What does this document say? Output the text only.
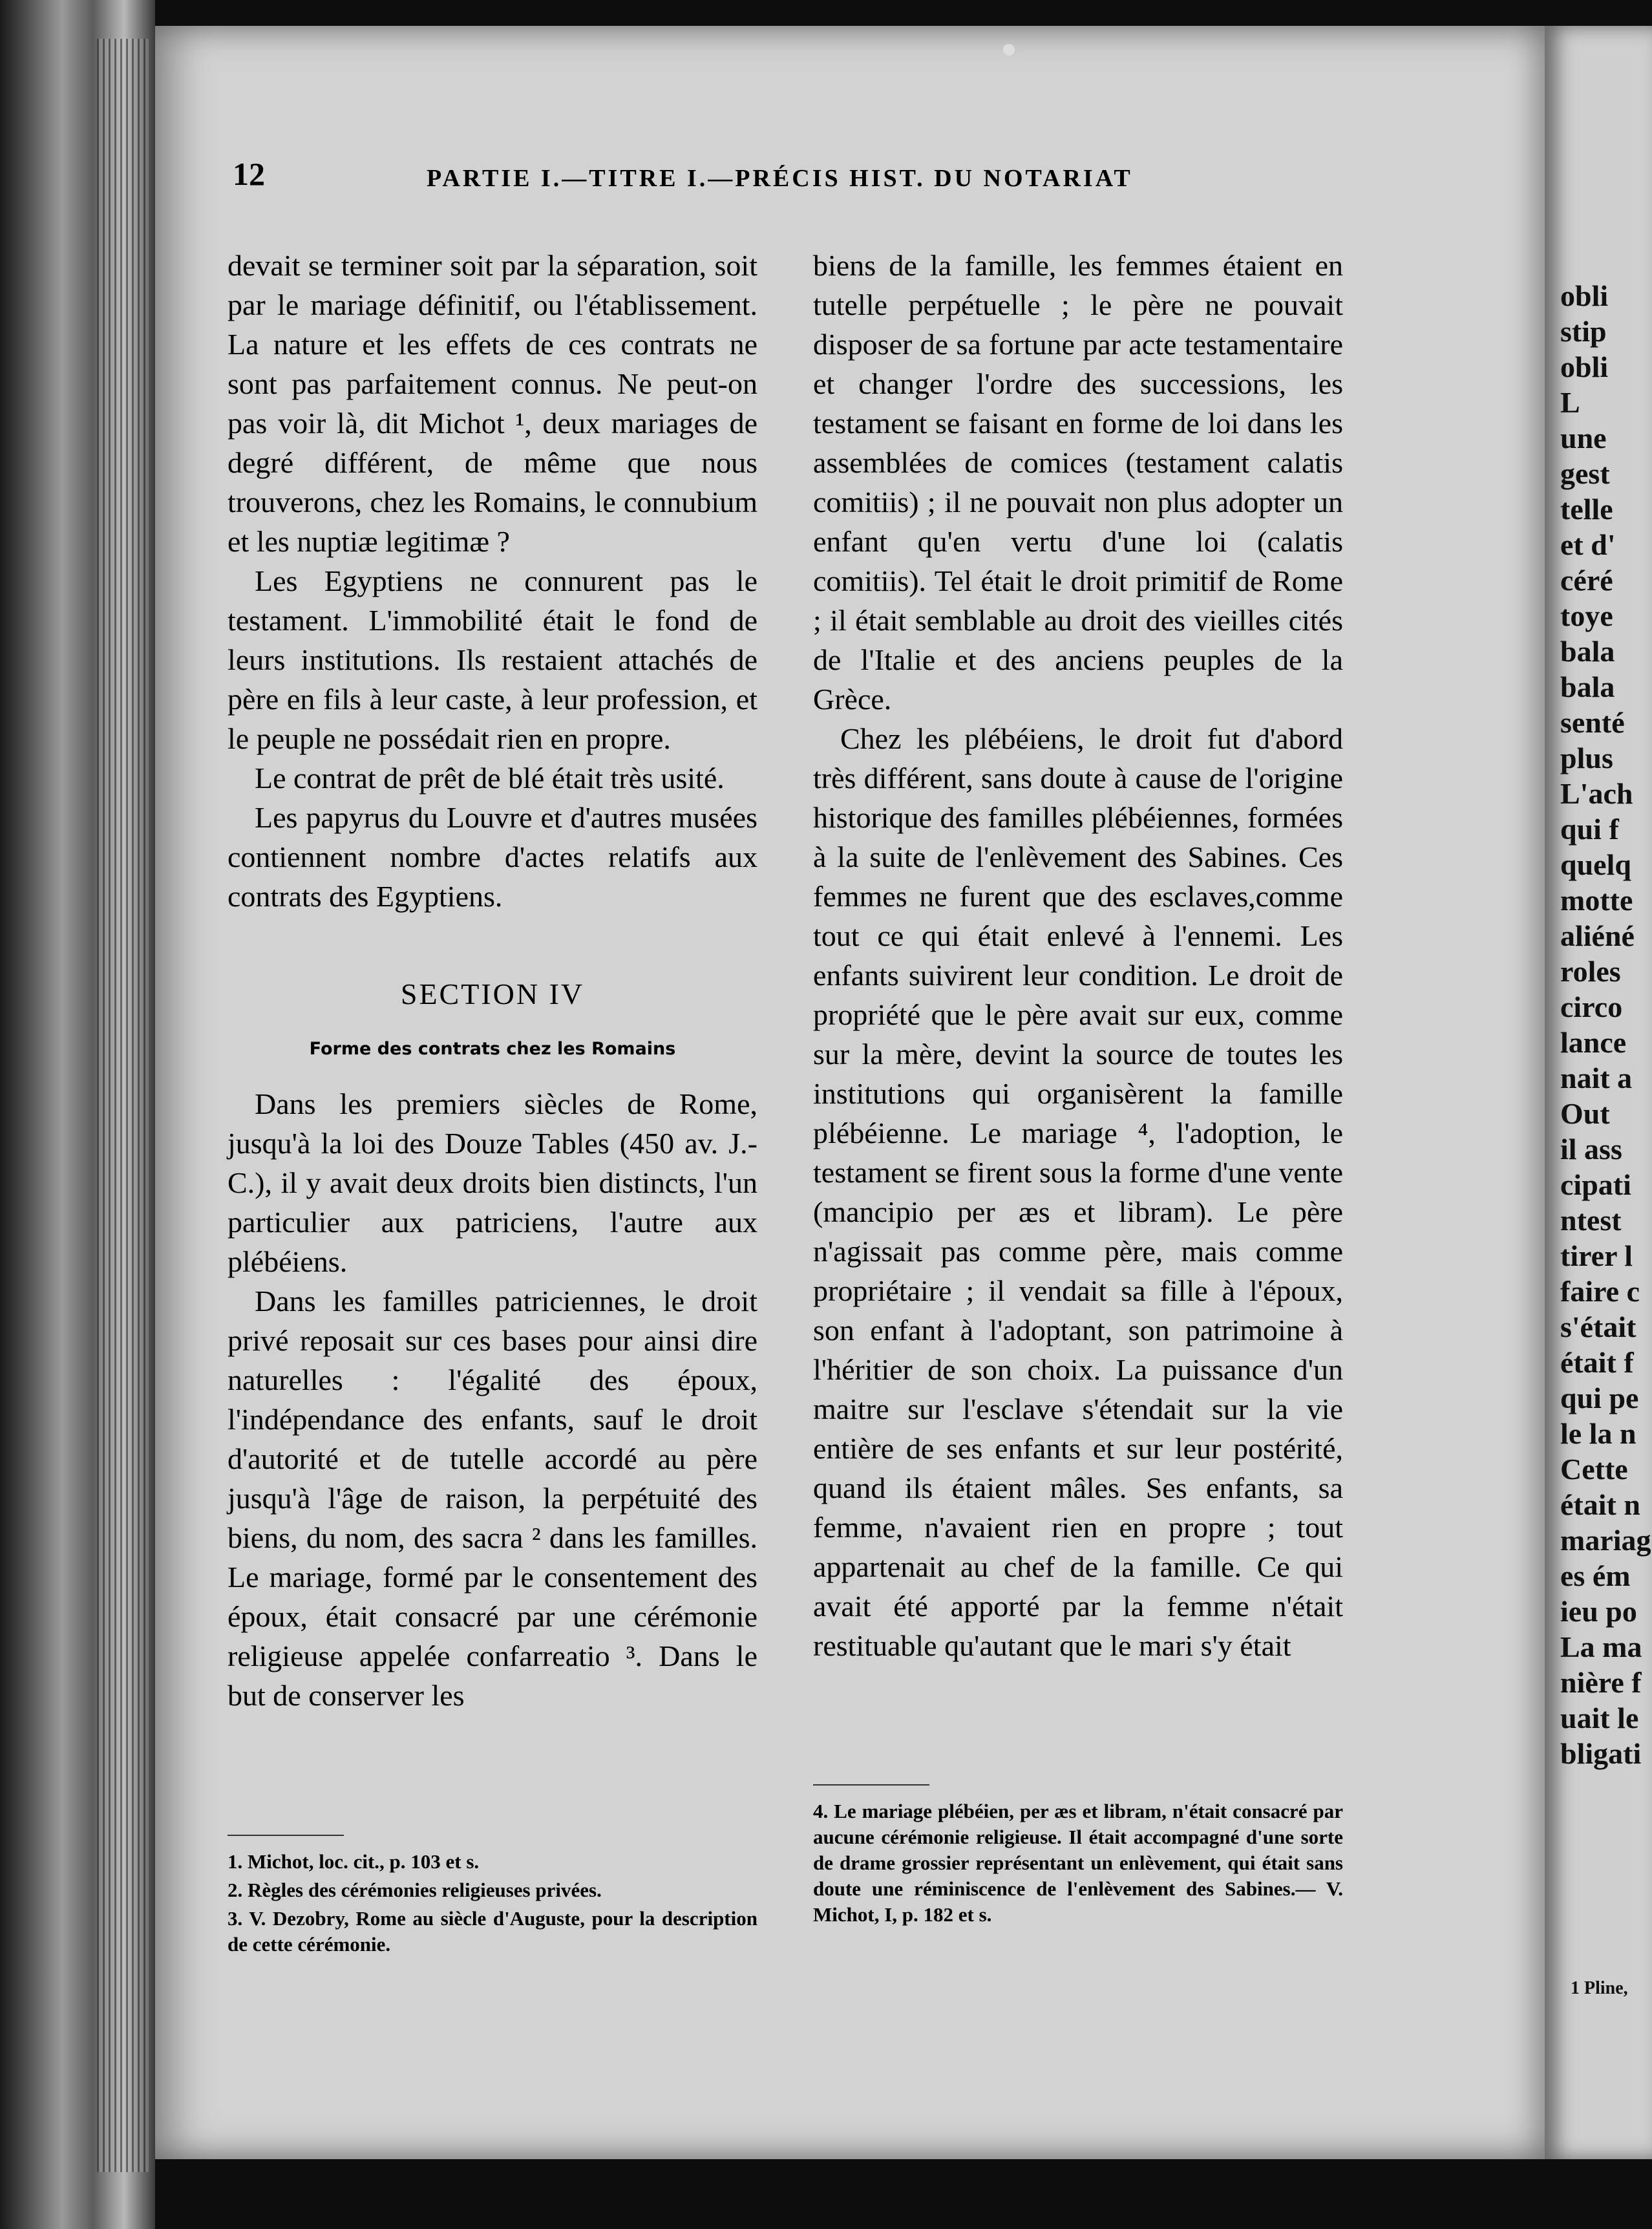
12	PARTIE I.—TITRE I.—PRÉCIS HIST. DU NOTARIAT

devait se terminer soit par la séparation, soit par le mariage définitif, ou l'établissement. La nature et les effets de ces contrats ne sont pas parfaitement connus. Ne peut-on pas voir là, dit Michot ¹, deux mariages de degré différent, de même que nous trouverons, chez les Romains, le connubium et les nuptiæ legitimæ ?

Les Egyptiens ne connurent pas le testament. L'immobilité était le fond de leurs institutions. Ils restaient attachés de père en fils à leur caste, à leur profession, et le peuple ne possédait rien en propre.

Le contrat de prêt de blé était très usité.

Les papyrus du Louvre et d'autres musées contiennent nombre d'actes relatifs aux contrats des Egyptiens.

SECTION IV
Forme des contrats chez les Romains

Dans les premiers siècles de Rome, jusqu'à la loi des Douze Tables (450 av. J.-C.), il y avait deux droits bien distincts, l'un particulier aux patriciens, l'autre aux plébéiens.

Dans les familles patriciennes, le droit privé reposait sur ces bases pour ainsi dire naturelles : l'égalité des époux, l'indépendance des enfants, sauf le droit d'autorité et de tutelle accordé au père jusqu'à l'âge de raison, la perpétuité des biens, du nom, des sacra ² dans les familles. Le mariage, formé par le consentement des époux, était consacré par une cérémonie religieuse appelée confarreatio ³. Dans le but de conserver les

1. Michot, loc. cit., p. 103 et s.

2. Règles des cérémonies religieuses privées.

3. V. Dezobry, Rome au siècle d'Auguste, pour la description de cette cérémonie.

biens de la famille, les femmes étaient en tutelle perpétuelle ; le père ne pouvait disposer de sa fortune par acte testamentaire et changer l'ordre des successions, les testament se faisant en forme de loi dans les assemblées de comices (testament calatis comitiis) ; il ne pouvait non plus adopter un enfant qu'en vertu d'une loi (calatis comitiis). Tel était le droit primitif de Rome ; il était semblable au droit des vieilles cités de l'Italie et des anciens peuples de la Grèce.

Chez les plébéiens, le droit fut d'abord très différent, sans doute à cause de l'origine historique des familles plébéiennes, formées à la suite de l'enlèvement des Sabines. Ces femmes ne furent que des esclaves,comme tout ce qui était enlevé à l'ennemi. Les enfants suivirent leur condition. Le droit de propriété que le père avait sur eux, comme sur la mère, devint la source de toutes les institutions qui organisèrent la famille plébéienne. Le mariage ⁴, l'adoption, le testament se firent sous la forme d'une vente (mancipio per æs et libram). Le père n'agissait pas comme père, mais comme propriétaire ; il vendait sa fille à l'époux, son enfant à l'adoptant, son patrimoine à l'héritier de son choix. La puissance d'un maitre sur l'esclave s'étendait sur la vie entière de ses enfants et sur leur postérité, quand ils étaient mâles. Ses enfants, sa femme, n'avaient rien en propre ; tout appartenait au chef de la famille. Ce qui avait été apporté par la femme n'était restituable qu'autant que le mari s'y était

4. Le mariage plébéien, per æs et libram, n'était consacré par aucune cérémonie religieuse. Il était accompagné d'une sorte de drame grossier représentant un enlèvement, qui était sans doute une réminiscence de l'enlèvement des Sabines.— V. Michot, I, p. 182 et s.

obli
stip
obli
L
une
gest
telle
et d'
céré
toye
bala
bala
senté
plus
L'ach
qui f
quelq
motte
aliéné
roles
circo
lance
nait a
Out
il ass
cipati
ntest
tirer l
faire c
s'était
était f
qui pe
le la n
Cette
était n
mariag
es ém
ieu po
La ma
nière f
uait le
bligati
1 Pline,
